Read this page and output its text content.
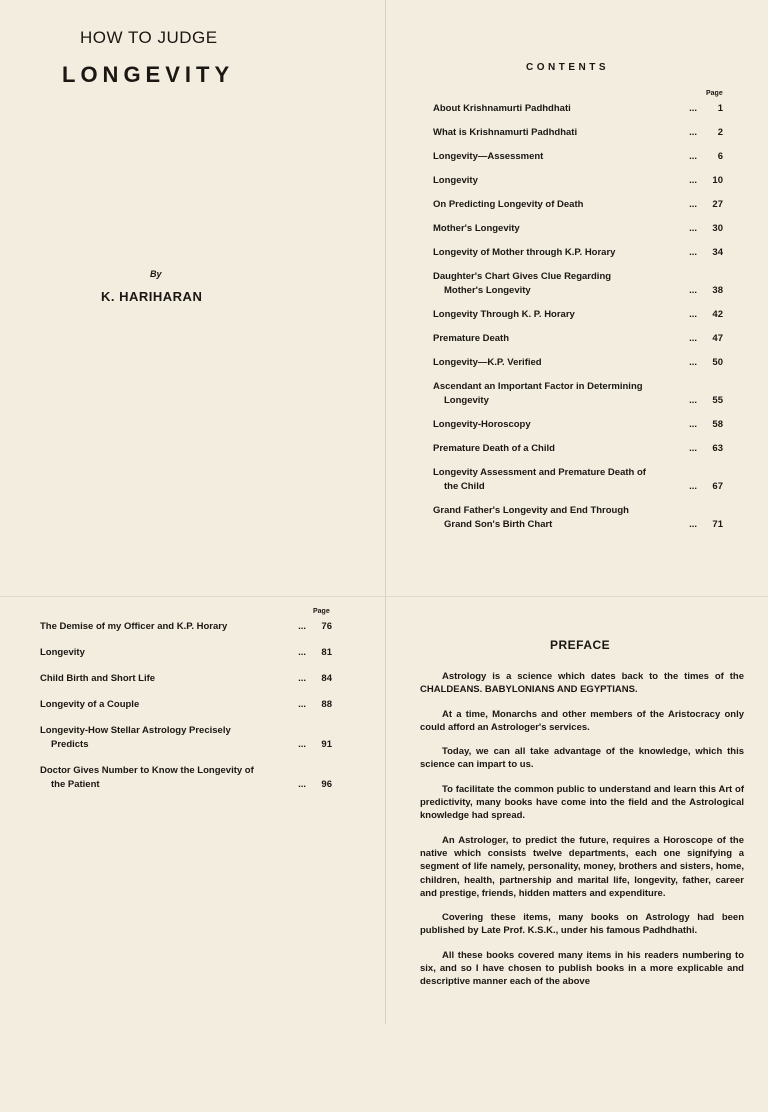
HOW TO JUDGE
LONGEVITY
By
K. HARIHARAN
CONTENTS
Page
About Krishnamurti Padhdhati	...	1
What is Krishnamurti Padhdhati	...	2
Longevity—Assessment	...	6
Longevity	...	10
On Predicting Longevity of Death	...	27
Mother's Longevity	...	30
Longevity of Mother through K.P. Horary	...	34
Daughter's Chart Gives Clue Regarding
Mother's Longevity	...	38
Longevity Through K. P. Horary	...	42
Premature Death	...	47
Longevity—K.P. Verified	...	50
Ascendant an Important Factor in Determining
Longevity	...	55
Longevity-Horoscopy	...	58
Premature Death of a Child	...	63
Longevity Assessment and Premature Death of
the Child	...	67
Grand Father's Longevity and End Through
Grand Son's Birth Chart	...	71
Page
The Demise of my Officer and K.P. Horary	...	76
Longevity	...	81
Child Birth and Short Life	...	84
Longevity of a Couple	...	88
Longevity-How Stellar Astrology Precisely
Predicts	...	91
Doctor Gives Number to Know the Longevity of
the Patient	...	96
PREFACE

Astrology is a science which dates back to the times of the CHALDEANS. BABYLONIANS AND EGYPTIANS.

At a time, Monarchs and other members of the Aristocracy only could afford an Astrologer's services.

Today, we can all take advantage of the knowledge, which this science can impart to us.

To facilitate the common public to understand and learn this Art of predictivity, many books have come into the field and the Astrological knowledge had spread.

An Astrologer, to predict the future, requires a Horoscope of the native which consists twelve departments, each one signifying a segment of life namely, personality, money, brothers and sisters, home, children, health, partnership and marital life, longevity, father, career and prestige, friends, hidden matters and expenditure.

Covering these items, many books on Astrology had been published by Late Prof. K.S.K., under his famous Padhdhathi.

All these books covered many items in his readers numbering to six, and so I have chosen to publish books in a more explicable and descriptive manner each of the above
